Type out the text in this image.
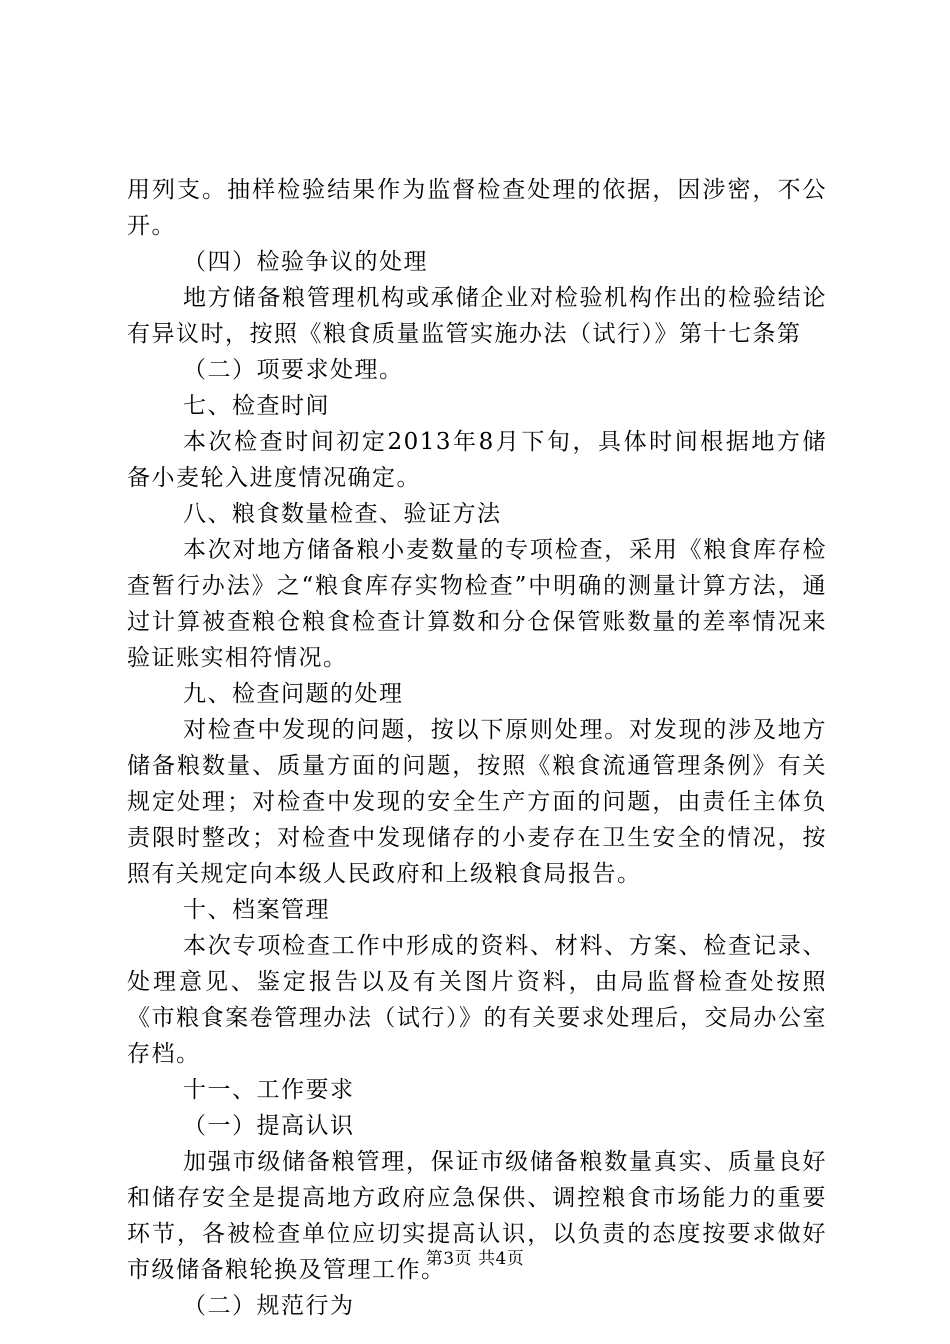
用列支。抽样检验结果作为监督检查处理的依据，因涉密，不公开。

（四）检验争议的处理

地方储备粮管理机构或承储企业对检验机构作出的检验结论有异议时，按照《粮食质量监管实施办法（试行）》第十七条第

（二）项要求处理。

七、检查时间

本次检查时间初定2013年8月下旬，具体时间根据地方储备小麦轮入进度情况确定。

八、粮食数量检查、验证方法

本次对地方储备粮小麦数量的专项检查，采用《粮食库存检查暂行办法》之“粮食库存实物检查”中明确的测量计算方法，通过计算被查粮仓粮食检查计算数和分仓保管账数量的差率情况来验证账实相符情况。

九、检查问题的处理

对检查中发现的问题，按以下原则处理。对发现的涉及地方储备粮数量、质量方面的问题，按照《粮食流通管理条例》有关规定处理；对检查中发现的安全生产方面的问题，由责任主体负责限时整改；对检查中发现储存的小麦存在卫生安全的情况，按照有关规定向本级人民政府和上级粮食局报告。

十、档案管理

本次专项检查工作中形成的资料、材料、方案、检查记录、处理意见、鉴定报告以及有关图片资料，由局监督检查处按照《市粮食案卷管理办法（试行）》的有关要求处理后，交局办公室存档。

十一、工作要求

（一）提高认识

加强市级储备粮管理，保证市级储备粮数量真实、质量良好和储存安全是提高地方政府应急保供、调控粮食市场能力的重要环节，各被检查单位应切实提高认识，以负责的态度按要求做好市级储备粮轮换及管理工作。

（二）规范行为

第3页 共4页
